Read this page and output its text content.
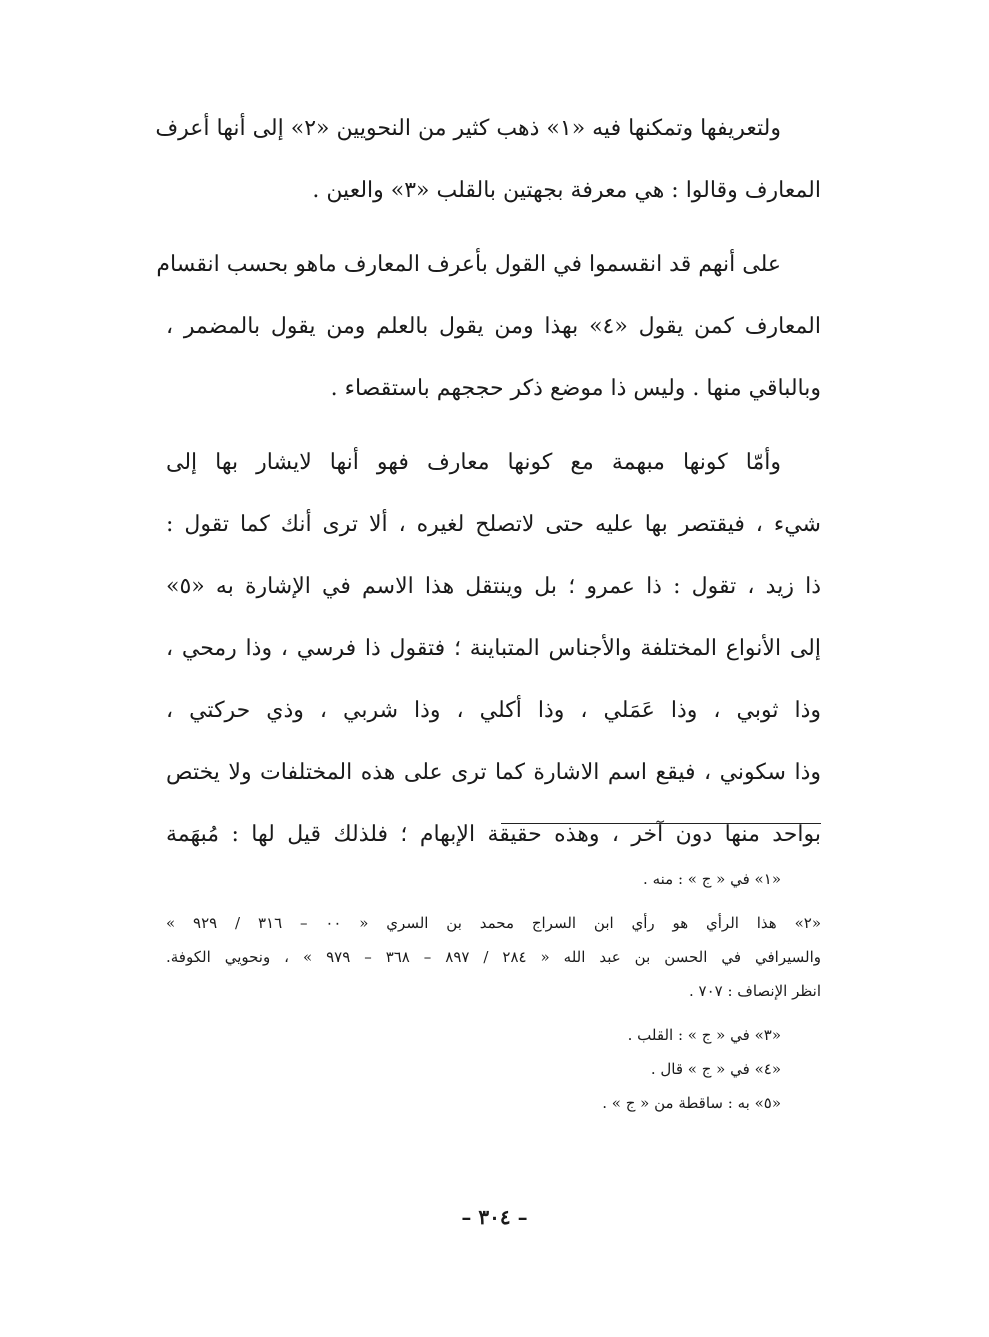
ولتعريفها وتمكنها فيه «١» ذهب كثير من النحويين «٢» إلى أنها أعرف
المعارف وقالوا : هي معرفة بجهتين بالقلب «٣» والعين .
على أنهم قد انقسموا في القول بأعرف المعارف ماهو بحسب انقسام
المعارف كمن يقول «٤» بهذا ومن يقول بالعلم ومن يقول بالمضمر ،
وبالباقي منها . وليس ذا موضع ذكر حججهم باستقصاء .
وأمّا كونها مبهمة مع كونها معارف فهو أنها لايشار بها إلى
شيء ، فيقتصر بها عليه حتى لاتصلح لغيره ، ألا ترى أنك كما تقول :
ذا زيد ، تقول : ذا عمرو ؛ بل وينتقل هذا الاسم في الإشارة به «٥»
إلى الأنواع المختلفة والأجناس المتباينة ؛ فتقول ذا فرسي ، وذا رمحي ،
وذا ثوبي ، وذا عَمَلي ، وذا أكلي ، وذا شربي ، وذي حركتي ،
وذا سكوني ، فيقع اسم الاشارة كما ترى على هذه المختلفات ولا يختص
بواحد منها دون آخر ، وهذه حقيقة الإبهام ؛ فلذلك قيل لها : مُبهَمة
«١» في « ج » : منه .
«٢» هذا الرأي هو رأي ابن السراج محمد بن السري « ٠٠ – ٣١٦ / ٩٢٩ »
والسيرافي في الحسن بن عبد الله « ٢٨٤ / ٨٩٧ – ٣٦٨ – ٩٧٩ » ، ونحويي الكوفة.
انظر الإنصاف : ٧٠٧ .
«٣» في « ج » : القلب .
«٤» في « ج » قال .
«٥» به : ساقطة من « ج » .
– ٣٠٤ –
